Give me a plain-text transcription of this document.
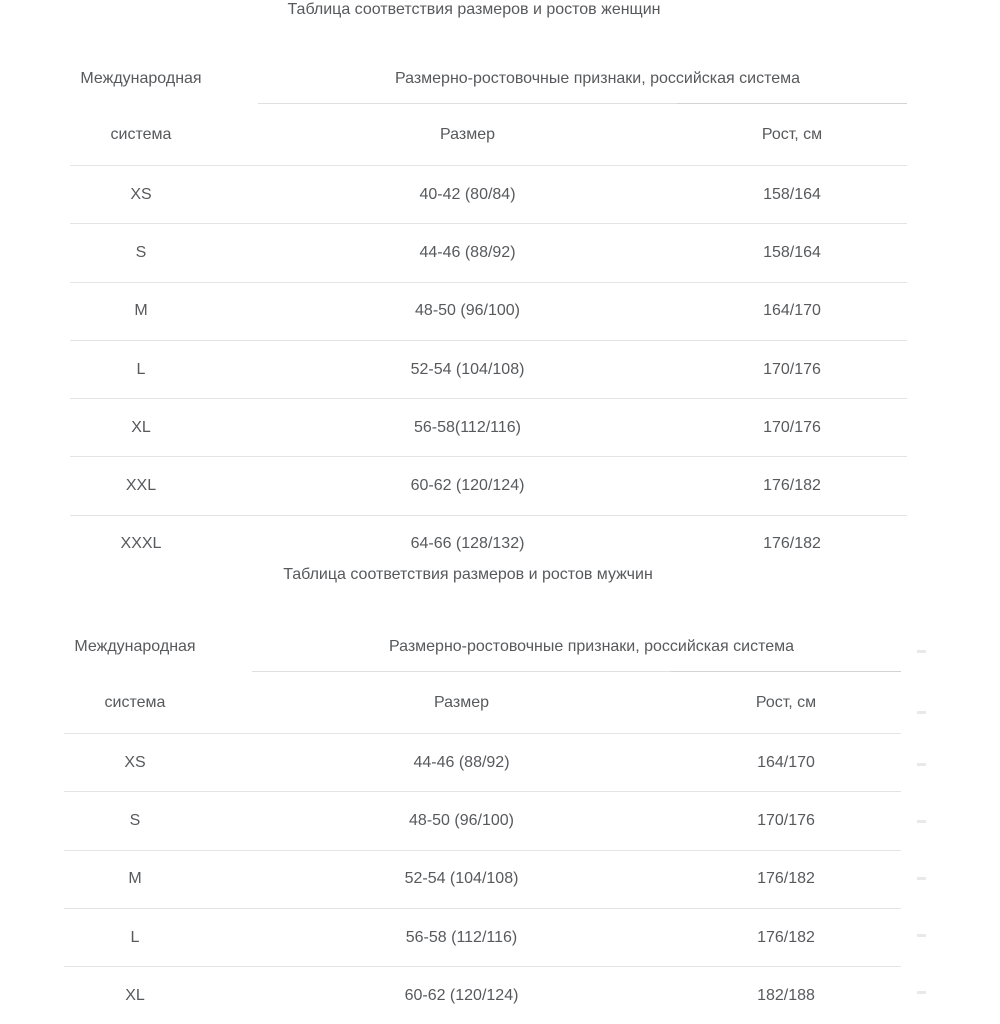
Таблица соответствия размеров и ростов женщин
Международная	Размерно-ростовочные признаки, российская система
система	Размер	Рост, см
XS	40-42 (80/84)	158/164
S	44-46 (88/92)	158/164
M	48-50 (96/100)	164/170
L	52-54 (104/108)	170/176
XL	56-58(112/116)	170/176
XXL	60-62 (120/124)	176/182
XXXL	64-66 (128/132)	176/182
Таблица соответствия размеров и ростов мужчин
Международная	Размерно-ростовочные признаки, российская система
система	Размер	Рост, см
XS	44-46 (88/92)	164/170
S	48-50 (96/100)	170/176
M	52-54 (104/108)	176/182
L	56-58 (112/116)	176/182
XL	60-62 (120/124)	182/188
